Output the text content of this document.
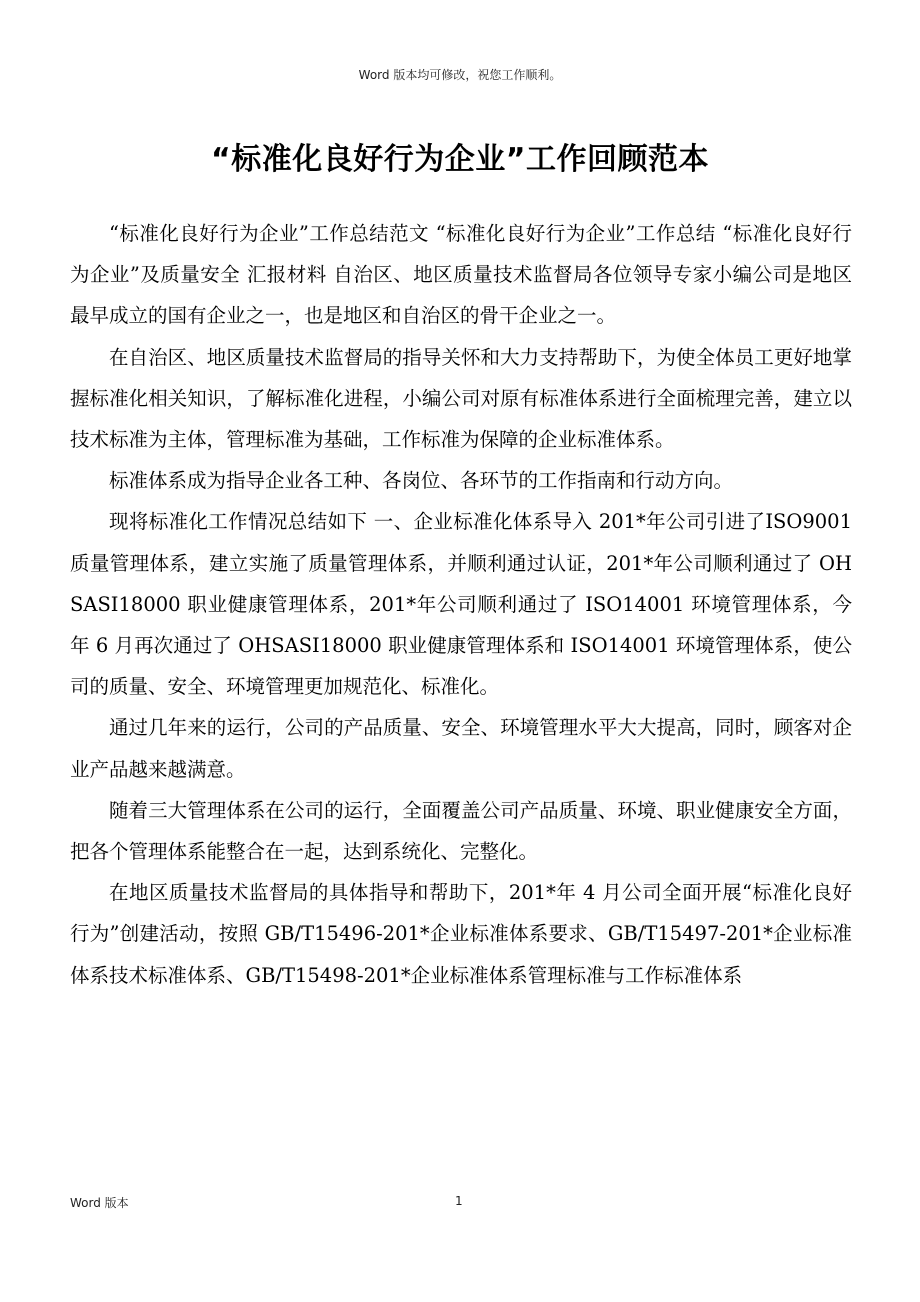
Word 版本均可修改，祝您工作顺利。
“标准化良好行为企业”工作回顾范本

“标准化良好行为企业”工作总结范文 “标准化良好行为企业”工作总结 “标准化良好行为企业”及质量安全 汇报材料 自治区、地区质量技术监督局各位领导专家小编公司是地区最早成立的国有企业之一，也是地区和自治区的骨干企业之一。

在自治区、地区质量技术监督局的指导关怀和大力支持帮助下，为使全体员工更好地掌握标准化相关知识，了解标准化进程，小编公司对原有标准体系进行全面梳理完善，建立以技术标准为主体，管理标准为基础，工作标准为保障的企业标准体系。

标准体系成为指导企业各工种、各岗位、各环节的工作指南和行动方向。

现将标准化工作情况总结如下 一、企业标准化体系导入 201*年公司引进了ISO9001 质量管理体系，建立实施了质量管理体系，并顺利通过认证，201*年公司顺利通过了 OHSASI18000 职业健康管理体系，201*年公司顺利通过了 ISO14001 环境管理体系，今年 6 月再次通过了 OHSASI18000 职业健康管理体系和 ISO14001 环境管理体系，使公司的质量、安全、环境管理更加规范化、标准化。

通过几年来的运行，公司的产品质量、安全、环境管理水平大大提高，同时，顾客对企业产品越来越满意。

随着三大管理体系在公司的运行，全面覆盖公司产品质量、环境、职业健康安全方面，把各个管理体系能整合在一起，达到系统化、完整化。

在地区质量技术监督局的具体指导和帮助下，201*年 4 月公司全面开展“标准化良好行为”创建活动，按照 GB/T15496-201*企业标准体系要求、GB/T15497-201*企业标准体系技术标准体系、GB/T15498-201*企业标准体系管理标准与工作标准体系

Word 版本	1
